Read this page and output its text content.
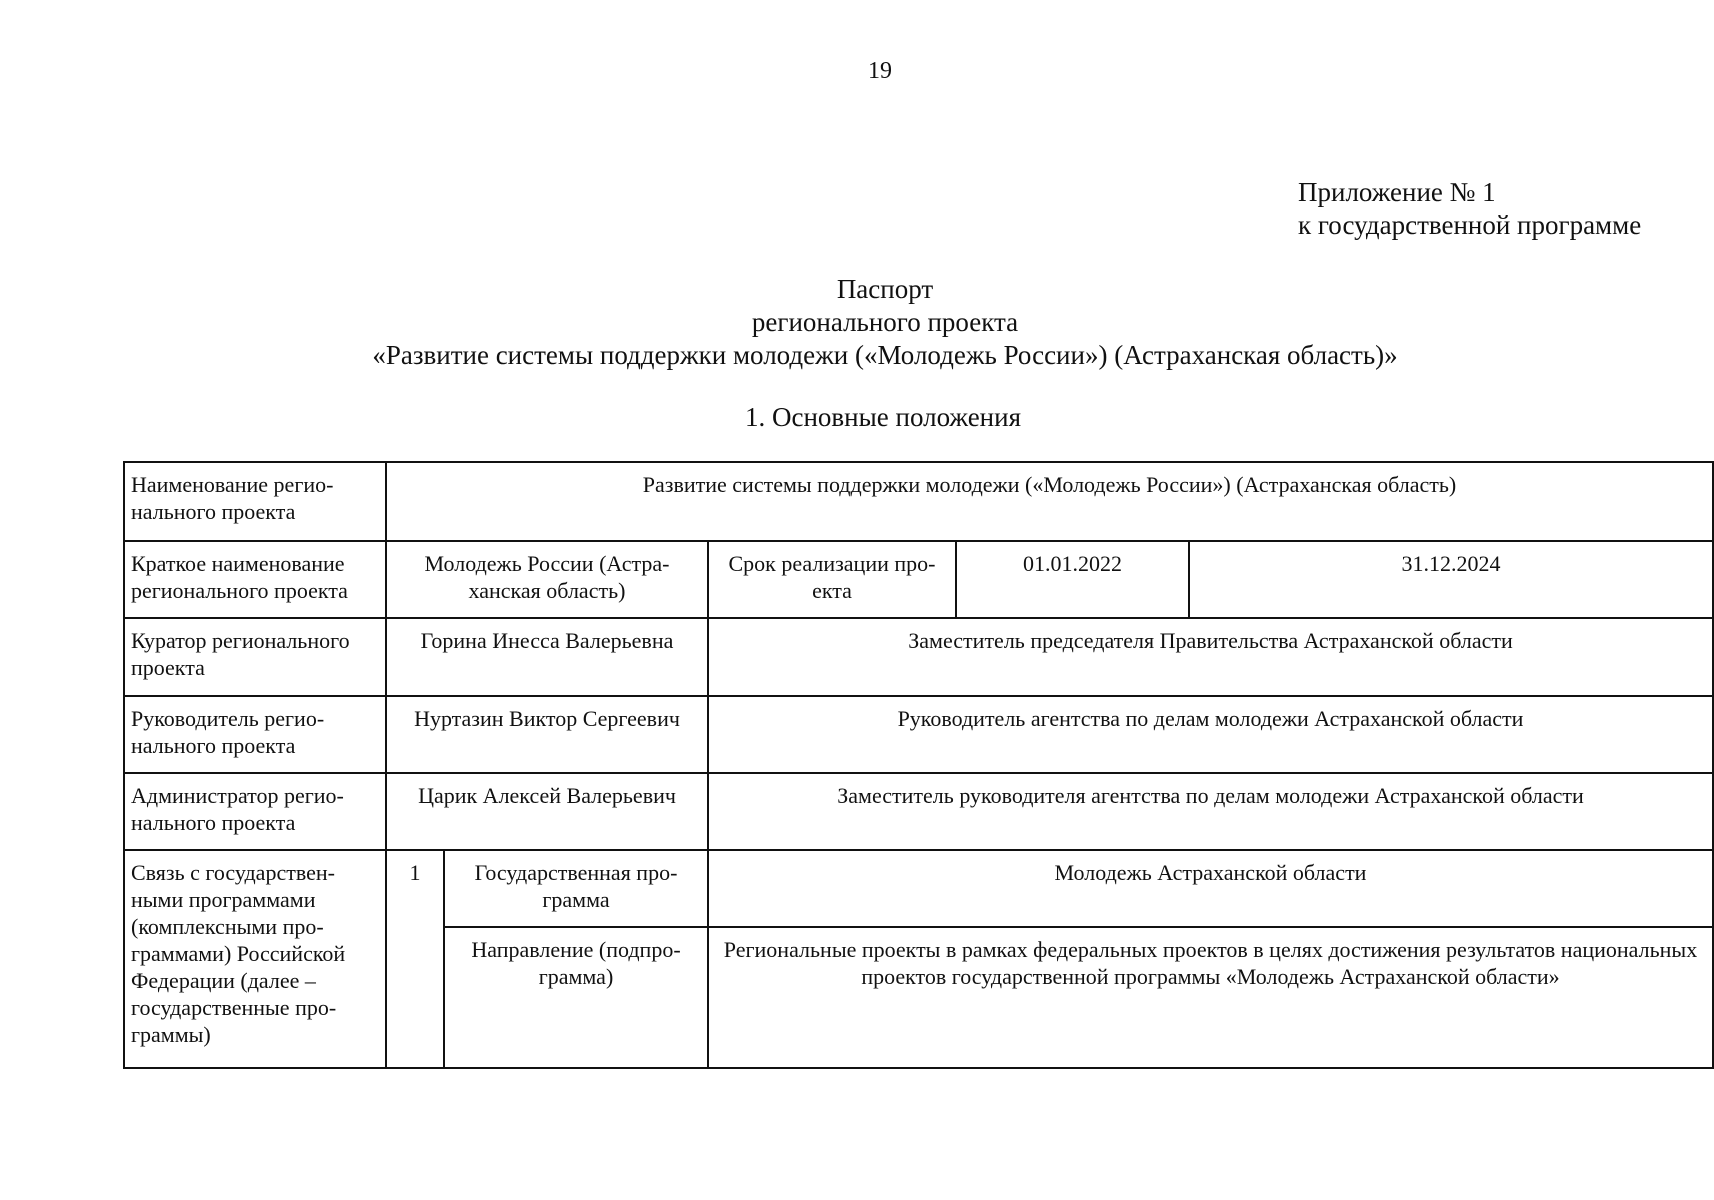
19
Приложение № 1
к государственной программе
Паспорт
регионального проекта
«Развитие системы поддержки молодежи («Молодежь России») (Астраханская область)»
1. Основные положения
Наименование регио-нального проекта	Развитие системы поддержки молодежи («Молодежь России») (Астраханская область)				
Краткое наименование регионального проекта	Молодежь России (Астра-ханская область)		Срок реализации про-екта	01.01.2022	31.12.2024
Куратор регионального проекта	Горина Инесса Валерьевна		Заместитель председателя Правительства Астраханской области		
Руководитель регио-нального проекта	Нуртазин Виктор Сергеевич		Руководитель агентства по делам молодежи Астраханской области		
Администратор регио-нального проекта	Царик Алексей Валерьевич		Заместитель руководителя агентства по делам молодежи Астраханской области		
Связь с государствен-ными программами (комплексными про-граммами) Российской Федерации (далее – государственные про-граммы)	1	Государственная про-грамма	Молодежь Астраханской области		
		Направление (подпро-грамма)	Региональные проекты в рамках федеральных проектов в целях достижения результатов национальных проектов государственной программы «Молодежь Астраханской области»		
